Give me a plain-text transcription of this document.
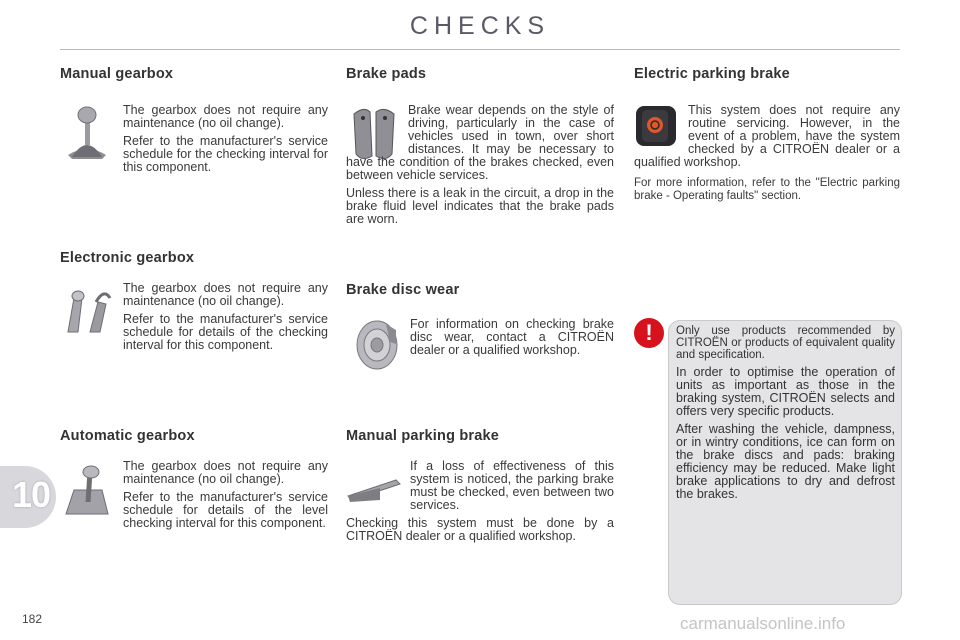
CHECKS
Manual gearbox

The gearbox does not require any maintenance (no oil change).

Refer to the manufacturer's service schedule for the checking interval for this component.

Electronic gearbox

The gearbox does not require any maintenance (no oil change).

Refer to the manufacturer's service schedule for details of the checking interval for this component.

Automatic gearbox

The gearbox does not require any maintenance (no oil change).

Refer to the manufacturer's service schedule for details of the level checking interval for this component.

Brake pads

Brake wear depends on the style of driving, particularly in the case of vehicles used in town, over short distances. It may be necessary to have the condition of the brakes checked, even between vehicle services.

Unless there is a leak in the circuit, a drop in the brake fluid level indicates that the brake pads are worn.

Brake disc wear

For information on checking brake disc wear, contact a CITROËN dealer or a qualified workshop.

Manual parking brake

If a loss of effectiveness of this system is noticed, the parking brake must be checked, even between two services.

Checking this system must be done by a CITROËN dealer or a qualified workshop.

Electric parking brake

This system does not require any routine servicing. However, in the event of a problem, have the system checked by a CITROËN dealer or a qualified workshop.

For more information, refer to the "Electric parking brake - Operating faults" section.

!	Only use products recommended by CITROËN or products of equivalent quality and specification.

In order to optimise the operation of units as important as those in the braking system, CITROËN selects and offers very specific products.

After washing the vehicle, dampness, or in wintry conditions, ice can form on the brake discs and pads: braking efficiency may be reduced. Make light brake applications to dry and defrost the brakes.

10
182	carmanualsonline.info
